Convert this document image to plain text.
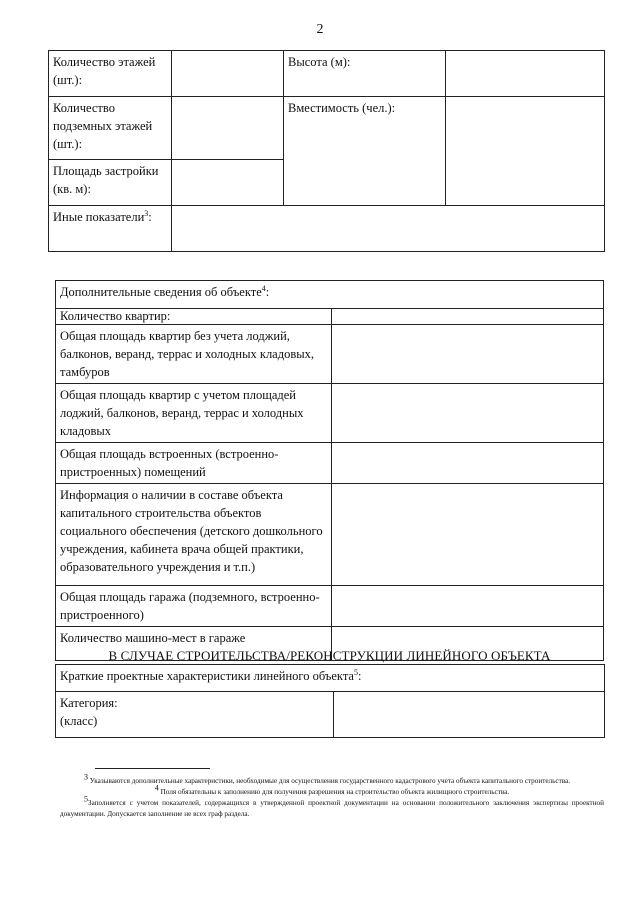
2
Количество этажей (шт.):		Высота (м):	
Количество подземных этажей (шт.):		Вместимость (чел.):	
Площадь застройки (кв. м):			
Иные показатели$^3$:			
Дополнительные сведения об объекте$^4$:	
Количество квартир:	
Общая площадь квартир без учета лоджий, балконов, веранд, террас и холодных кладовых, тамбуров	
Общая площадь квартир с учетом площадей лоджий, балконов, веранд, террас и холодных кладовых	
Общая площадь встроенных (встроенно-пристроенных) помещений	
Информация о наличии в составе объекта капитального строительства объектов социального обеспечения (детского дошкольного учреждения, кабинета врача общей практики, образовательного учреждения и т.п.)	
Общая площадь гаража (подземного, встроенно-пристроенного)	
Количество машино-мест в гараже	
В СЛУЧАЕ СТРОИТЕЛЬСТВА/РЕКОНСТРУКЦИИ ЛИНЕЙНОГО ОБЪЕКТА
Краткие проектные характеристики линейного объекта$^5$:
Категория:
(класс)	

$^3$ Указываются дополнительные характеристики, необходимые для осуществления государственного кадастрового учета объекта капитального строительства.

$^4$ Поля обязательны к заполнению для получения разрешения на строительство объекта жилищного строительства.

$^5$Заполняется с учетом показателей, содержащихся в утвержденной проектной документации на основании положительного заключения экспертизы проектной документации. Допускается заполнение не всех граф раздела.
